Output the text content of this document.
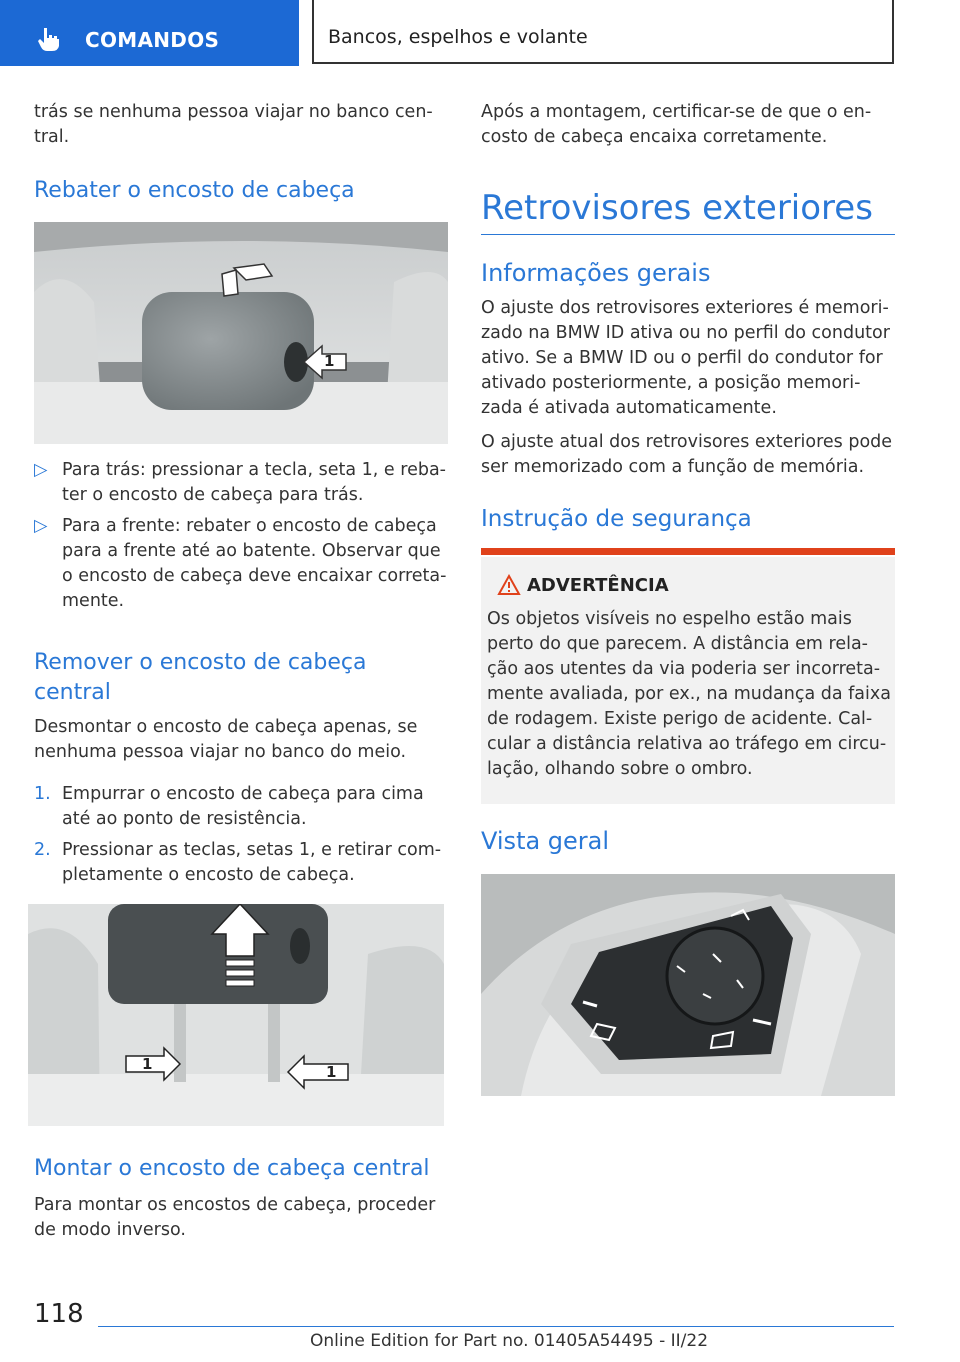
COMANDOS	Bancos, espelhos e volante

trás se nenhuma pessoa viajar no banco cen-
tral.

Rebater o encosto de cabeça
1
▷ Para trás: pressionar a tecla, seta 1, e reba-
ter o encosto de cabeça para trás.
▷ Para a frente: rebater o encosto de cabeça
para a frente até ao batente. Observar que
o encosto de cabeça deve encaixar correta-
mente.
Remover o encosto de cabeça
central

Desmontar o encosto de cabeça apenas, se
nenhuma pessoa viajar no banco do meio.

1. Empurrar o encosto de cabeça para cima
até ao ponto de resistência.
2. Pressionar as teclas, setas 1, e retirar com-
pletamente o encosto de cabeça.
1	1
Montar o encosto de cabeça central

Para montar os encostos de cabeça, proceder
de modo inverso.

Após a montagem, certificar-se de que o en-
costo de cabeça encaixa corretamente.

Retrovisores exteriores
Informações gerais

O ajuste dos retrovisores exteriores é memori-
zado na BMW ID ativa ou no perfil do condutor
ativo. Se a BMW ID ou o perfil do condutor for
ativado posteriormente, a posição memori-
zada é ativada automaticamente.

O ajuste atual dos retrovisores exteriores pode
ser memorizado com a função de memória.

Instrução de segurança
ADVERTÊNCIA

Os objetos visíveis no espelho estão mais
perto do que parecem. A distância em rela-
ção aos utentes da via poderia ser incorreta-
mente avaliada, por ex., na mudança da faixa
de rodagem. Existe perigo de acidente. Cal-
cular a distância relativa ao tráfego em circu-
lação, olhando sobre o ombro.

Vista geral
118
Online Edition for Part no. 01405A54495 - II/22
